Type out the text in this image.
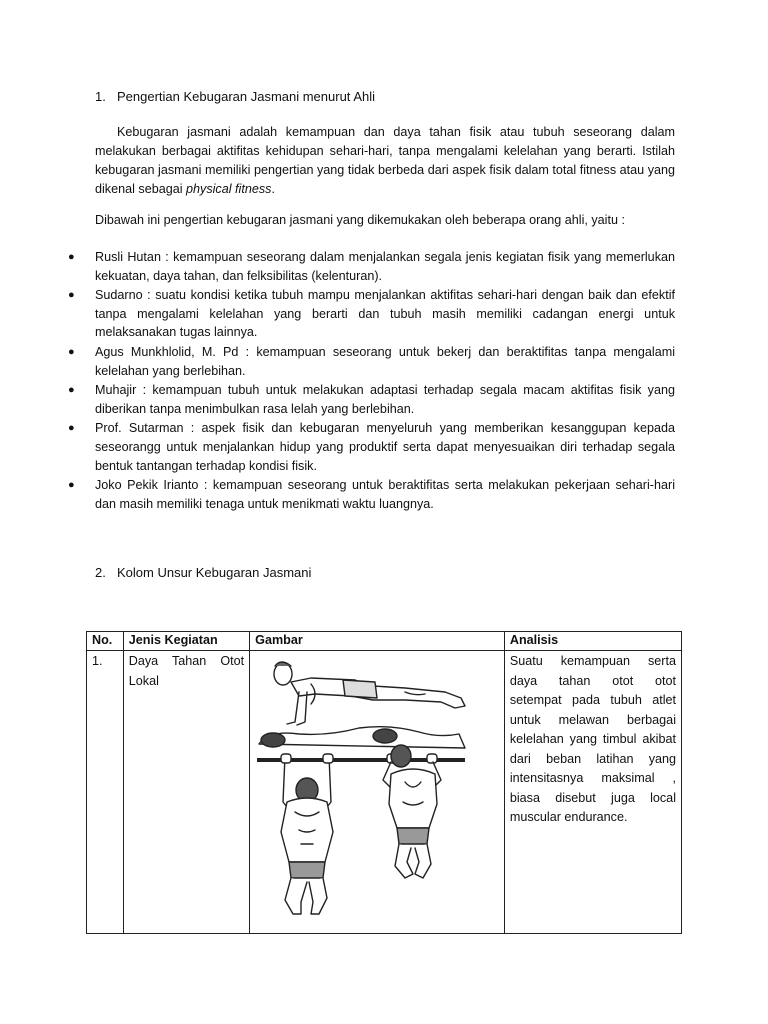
1. Pengertian Kebugaran Jasmani menurut Ahli

Kebugaran jasmani adalah kemampuan dan daya tahan fisik atau tubuh seseorang dalam melakukan berbagai aktifitas kehidupan sehari-hari, tanpa mengalami kelelahan yang berarti. Istilah kebugaran jasmani memiliki pengertian yang tidak berbeda dari aspek fisik dalam total fitness atau yang dikenal sebagai physical fitness.

Dibawah ini pengertian kebugaran jasmani yang dikemukakan oleh beberapa orang ahli, yaitu :

● Rusli Hutan : kemampuan seseorang dalam menjalankan segala jenis kegiatan fisik yang memerlukan kekuatan, daya tahan, dan felksibilitas (kelenturan).
● Sudarno : suatu kondisi ketika tubuh mampu menjalankan aktifitas sehari-hari dengan baik dan efektif tanpa mengalami kelelahan yang berarti dan tubuh masih memiliki cadangan energi untuk melaksanakan tugas lainnya.
● Agus Munkhlolid, M. Pd : kemampuan seseorang untuk bekerj dan beraktifitas tanpa mengalami kelelahan yang berlebihan.
● Muhajir : kemampuan tubuh untuk melakukan adaptasi terhadap segala macam aktifitas fisik yang diberikan tanpa menimbulkan rasa lelah yang berlebihan.
● Prof. Sutarman : aspek fisik dan kebugaran menyeluruh yang memberikan kesanggupan kepada seseorangg untuk menjalankan hidup yang produktif serta dapat menyesuaikan diri terhadap segala bentuk tantangan terhadap kondisi fisik.
● Joko Pekik Irianto : kemampuan seseorang untuk beraktifitas serta melakukan pekerjaan sehari-hari dan masih memiliki tenaga untuk menikmati waktu luangnya.
2. Kolom Unsur Kebugaran Jasmani
No.	Jenis Kegiatan	Gambar	Analisis
1.	Daya Tahan Otot Lokal		Suatu kemampuan serta daya tahan otot otot setempat pada tubuh atlet untuk melawan berbagai kelelahan yang timbul akibat dari beban latihan yang intensitasnya maksimal , biasa disebut juga local muscular endurance.
